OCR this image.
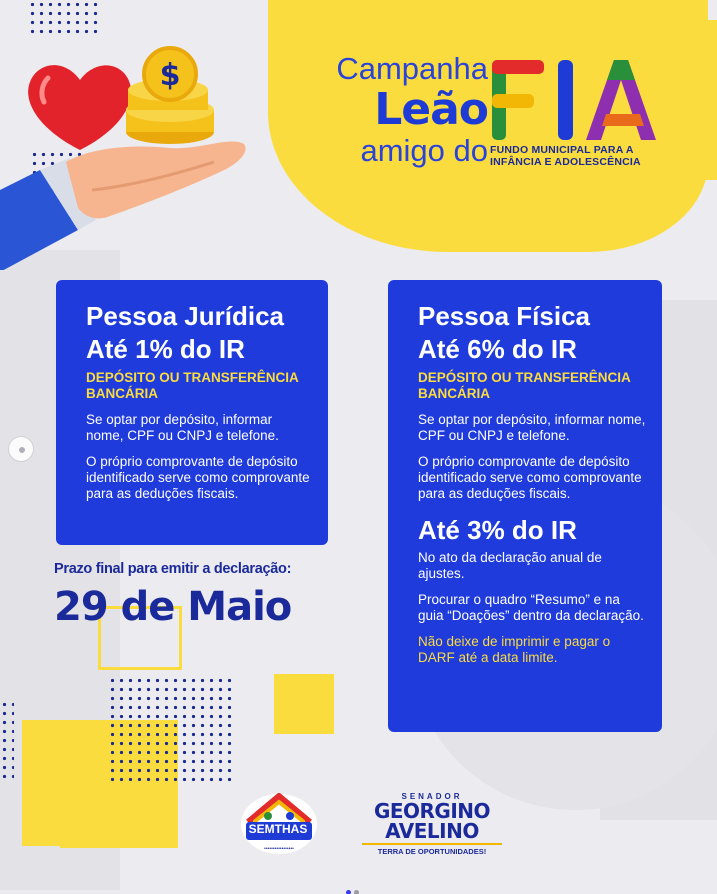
$	Campanha
Leão
amigo do FUNDO MUNICIPAL PARA A
INFÂNCIA E ADOLESCÊNCIA
Pessoa Jurídica
Até 1% do IR
DEPÓSITO OU TRANSFERÊNCIA BANCÁRIA
Se optar por depósito, informar nome, CPF ou CNPJ e telefone.
O próprio comprovante de depósito identificado serve como comprovante para as deduções fiscais.
Prazo final para emitir a declaração:
29 de Maio
Pessoa Física
Até 6% do IR
DEPÓSITO OU TRANSFERÊNCIA BANCÁRIA
Se optar por depósito, informar nome, CPF ou CNPJ e telefone.
O próprio comprovante de depósito identificado serve como comprovante para as deduções fiscais.
Até 3% do IR
No ato da declaração anual de ajustes.
Procurar o quadro “Resumo” e na guia “Doações” dentro da declaração.
Não deixe de imprimir e pagar o DARF até a data limite.
•••••••••••••••••
SEMTHAS
SENADOR
GEORGINO
AVELINO
TERRA DE OPORTUNIDADES!
